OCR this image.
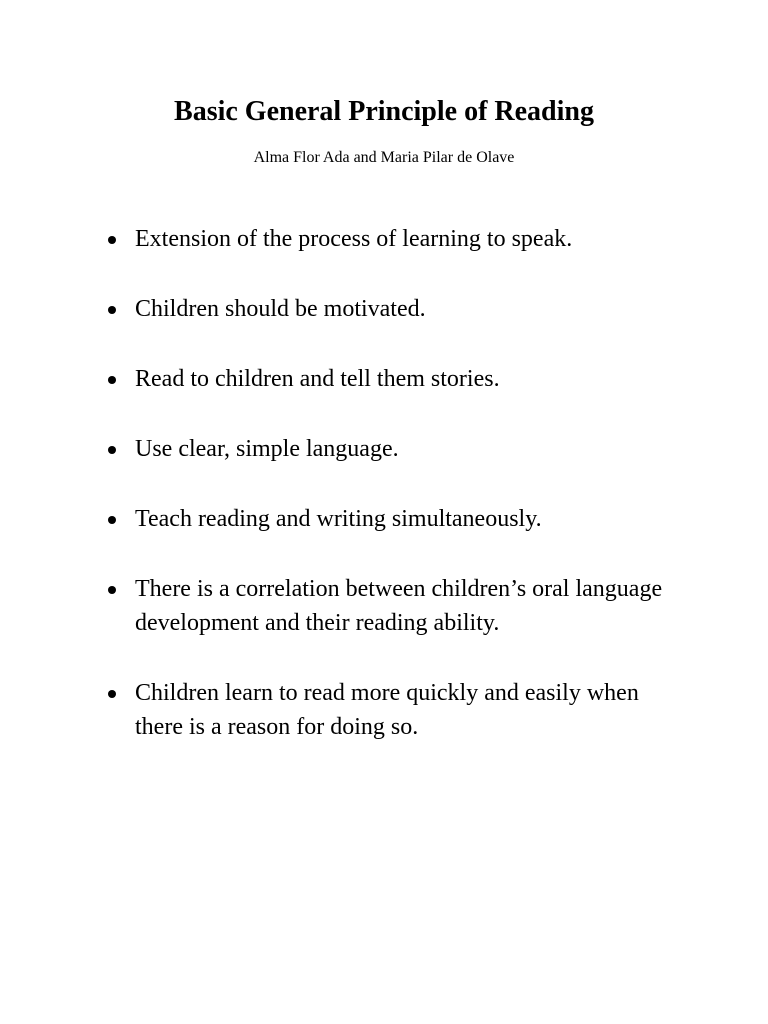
Basic General Principle of Reading

Alma Flor Ada and Maria Pilar de Olave

Extension of the process of learning to speak.
Children should be motivated.
Read to children and tell them stories.
Use clear, simple language.
Teach reading and writing simultaneously.
There is a correlation between children’s oral language development and their reading ability.
Children learn to read more quickly and easily when there is a reason for doing so.
